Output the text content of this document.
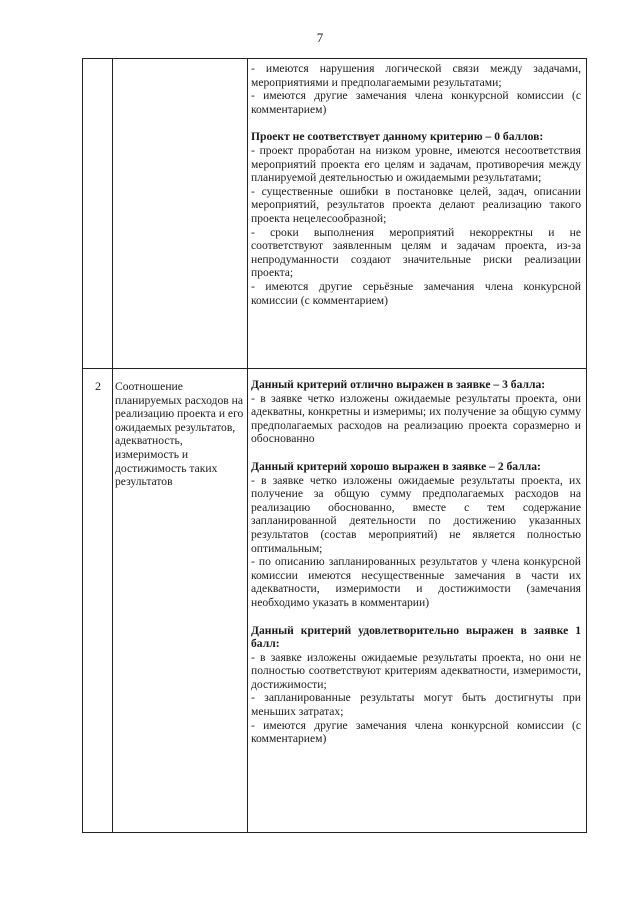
7

- имеются нарушения логической связи между задачами, мероприятиями и предполагаемыми результатами;

- имеются другие замечания члена конкурсной комиссии (с комментарием)

Проект не соответствует данному критерию – 0 баллов:

- проект проработан на низком уровне, имеются несоответствия мероприятий проекта его целям и задачам, противоречия между планируемой деятельностью и ожидаемыми результатами;

- существенные ошибки в постановке целей, задач, описании мероприятий, результатов проекта делают реализацию такого проекта нецелесообразной;

- сроки выполнения мероприятий некорректны и не соответствуют заявленным целям и задачам проекта, из-за непродуманности создают значительные риски реализации проекта;

- имеются другие серьёзные замечания члена конкурсной комиссии (с комментарием)

2	Соотношение планируемых расходов на реализацию проекта и его ожидаемых результатов, адекватность, измеримость и достижимость таких результатов

Данный критерий отлично выражен в заявке – 3 балла:

- в заявке четко изложены ожидаемые результаты проекта, они адекватны, конкретны и измеримы; их получение за общую сумму предполагаемых расходов на реализацию проекта соразмерно и обоснованно

Данный критерий хорошо выражен в заявке – 2 балла:

- в заявке четко изложены ожидаемые результаты проекта, их получение за общую сумму предполагаемых расходов на реализацию обоснованно, вместе с тем содержание запланированной деятельности по достижению указанных результатов (состав мероприятий) не является полностью оптимальным;

- по описанию запланированных результатов у члена конкурсной комиссии имеются несущественные замечания в части их адекватности, измеримости и достижимости (замечания необходимо указать в комментарии)

Данный критерий удовлетворительно выражен в заявке 1 балл:

- в заявке изложены ожидаемые результаты проекта, но они не полностью соответствуют критериям адекватности, измеримости, достижимости;

- запланированные результаты могут быть достигнуты при меньших затратах;

- имеются другие замечания члена конкурсной комиссии (с комментарием)
